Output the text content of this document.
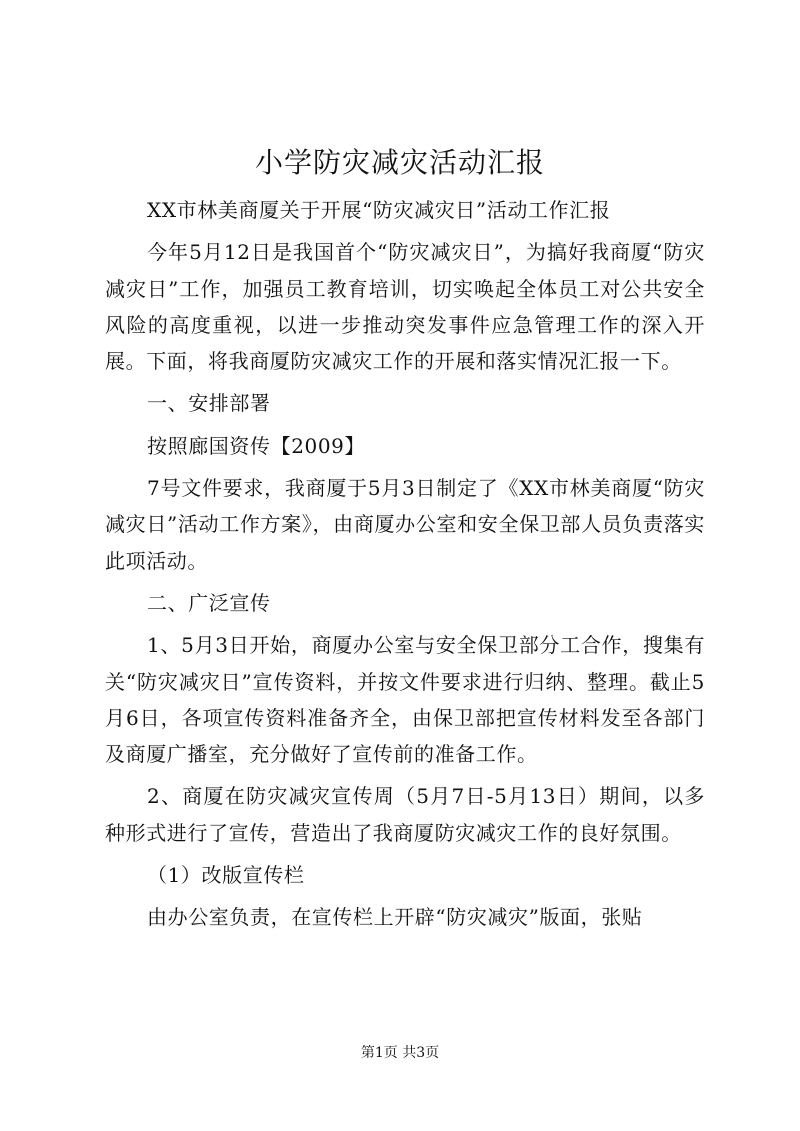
小学防灾减灾活动汇报

XX市林美商厦关于开展“防灾减灾日”活动工作汇报

今年5月12日是我国首个“防灾减灾日”，为搞好我商厦“防灾减灾日”工作，加强员工教育培训，切实唤起全体员工对公共安全风险的高度重视，以进一步推动突发事件应急管理工作的深入开展。下面，将我商厦防灾减灾工作的开展和落实情况汇报一下。

一、安排部署

按照廊国资传【2009】

7号文件要求，我商厦于5月3日制定了《XX市林美商厦“防灾减灾日”活动工作方案》，由商厦办公室和安全保卫部人员负责落实此项活动。

二、广泛宣传

1、5月3日开始，商厦办公室与安全保卫部分工合作，搜集有关“防灾减灾日”宣传资料，并按文件要求进行归纳、整理。截止5月6日，各项宣传资料准备齐全，由保卫部把宣传材料发至各部门及商厦广播室，充分做好了宣传前的准备工作。

2、商厦在防灾减灾宣传周（5月7日-5月13日）期间，以多种形式进行了宣传，营造出了我商厦防灾减灾工作的良好氛围。

（1）改版宣传栏

由办公室负责，在宣传栏上开辟“防灾减灾”版面，张贴

第1页 共3页
